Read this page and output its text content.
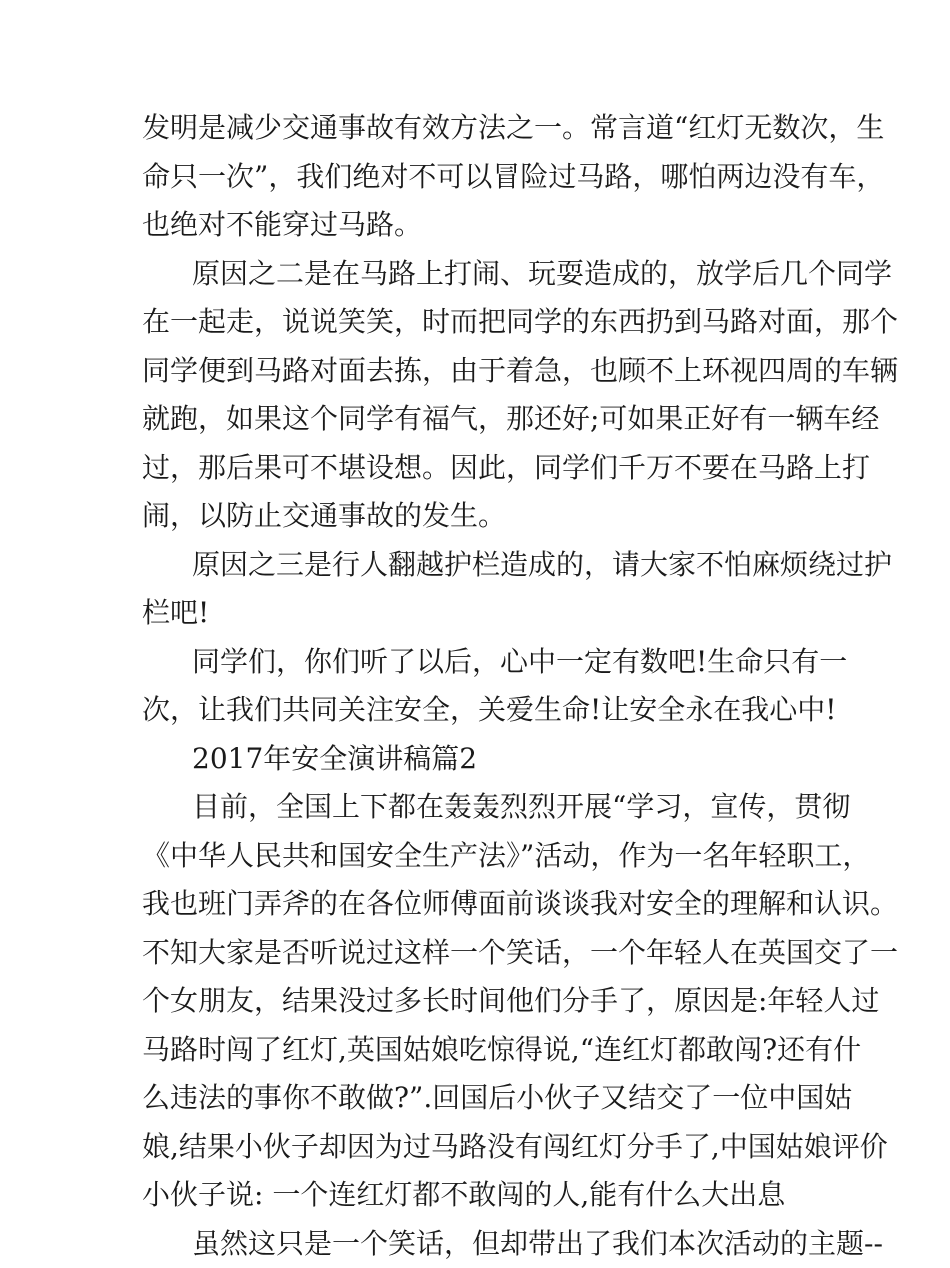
发明是减少交通事故有效方法之一。常言道“红灯无数次，生
命只一次”，我们绝对不可以冒险过马路，哪怕两边没有车，
也绝对不能穿过马路。
原因之二是在马路上打闹、玩耍造成的，放学后几个同学
在一起走，说说笑笑，时而把同学的东西扔到马路对面，那个
同学便到马路对面去拣，由于着急，也顾不上环视四周的车辆
就跑，如果这个同学有福气，那还好;可如果正好有一辆车经
过，那后果可不堪设想。因此，同学们千万不要在马路上打
闹，以防止交通事故的发生。
原因之三是行人翻越护栏造成的，请大家不怕麻烦绕过护
栏吧!
同学们，你们听了以后，心中一定有数吧!生命只有一
次，让我们共同关注安全，关爱生命!让安全永在我心中!
2017年安全演讲稿篇2
目前，全国上下都在轰轰烈烈开展“学习，宣传，贯彻
《中华人民共和国安全生产法》”活动，作为一名年轻职工，
我也班门弄斧的在各位师傅面前谈谈我对安全的理解和认识。
不知大家是否听说过这样一个笑话，一个年轻人在英国交了一
个女朋友，结果没过多长时间他们分手了，原因是:年轻人过
马路时闯了红灯,英国姑娘吃惊得说,“连红灯都敢闯?还有什
么违法的事你不敢做?”.回国后小伙子又结交了一位中国姑
娘,结果小伙子却因为过马路没有闯红灯分手了,中国姑娘评价
小伙子说: 一个连红灯都不敢闯的人,能有什么大出息
虽然这只是一个笑话，但却带出了我们本次活动的主题--
